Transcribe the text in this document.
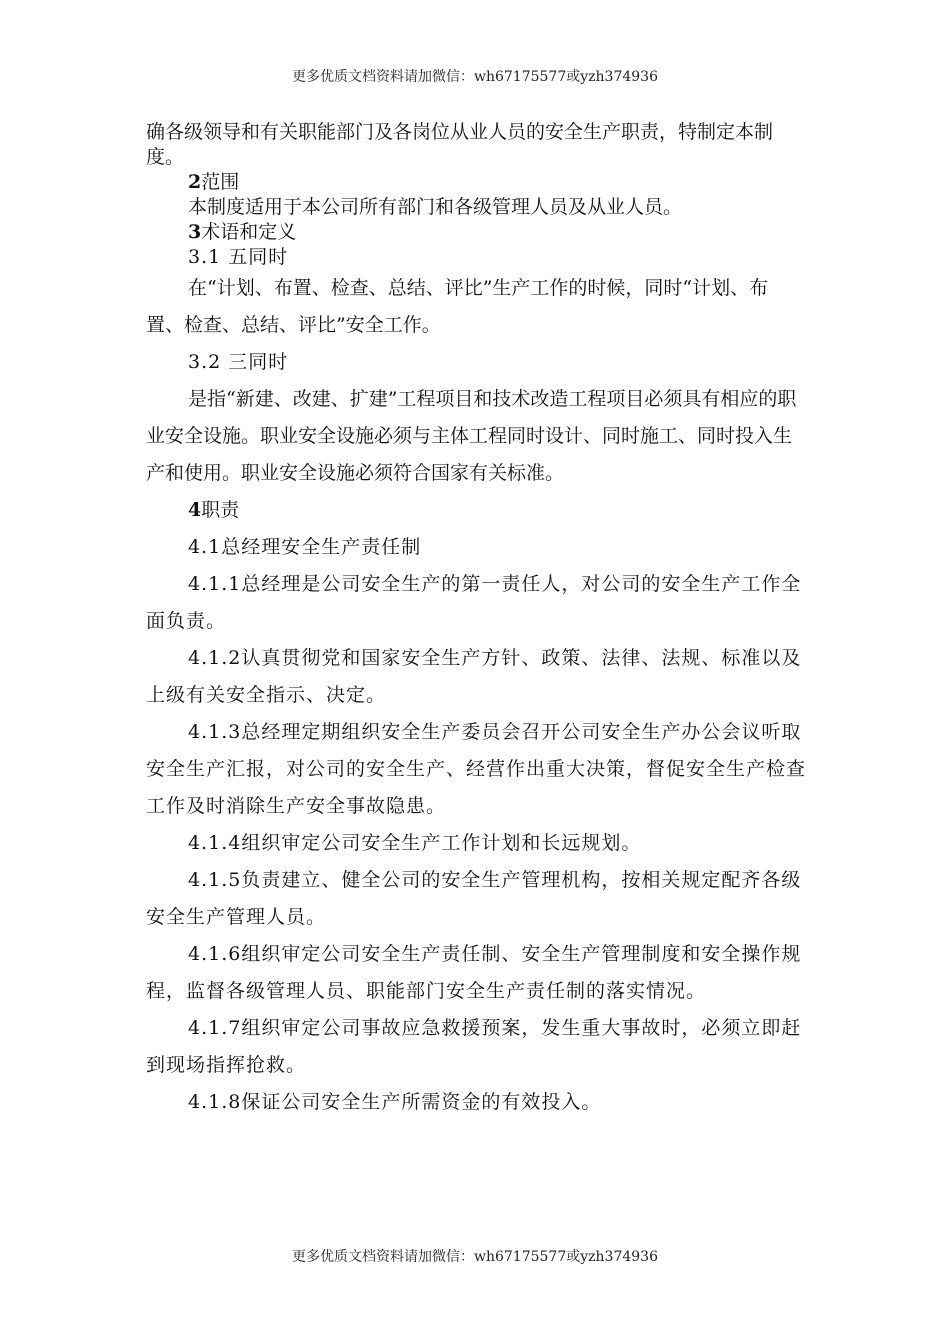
更多优质文档资料请加微信：wh67175577或yzh374936

确各级领导和有关职能部门及各岗位从业人员的安全生产职责，特制定本制度。

2范围

本制度适用于本公司所有部门和各级管理人员及从业人员。

3术语和定义

3.1 五同时

在“计划、布置、检查、总结、评比”生产工作的时候，同时“计划、布置、检查、总结、评比”安全工作。

3.2 三同时

是指“新建、改建、扩建”工程项目和技术改造工程项目必须具有相应的职业安全设施。职业安全设施必须与主体工程同时设计、同时施工、同时投入生产和使用。职业安全设施必须符合国家有关标准。

4职责

4.1总经理安全生产责任制

4.1.1总经理是公司安全生产的第一责任人，对公司的安全生产工作全面负责。

4.1.2认真贯彻党和国家安全生产方针、政策、法律、法规、标准以及上级有关安全指示、决定。

4.1.3总经理定期组织安全生产委员会召开公司安全生产办公会议听取安全生产汇报，对公司的安全生产、经营作出重大决策，督促安全生产检查工作及时消除生产安全事故隐患。

4.1.4组织审定公司安全生产工作计划和长远规划。

4.1.5负责建立、健全公司的安全生产管理机构，按相关规定配齐各级安全生产管理人员。

4.1.6组织审定公司安全生产责任制、安全生产管理制度和安全操作规程，监督各级管理人员、职能部门安全生产责任制的落实情况。

4.1.7组织审定公司事故应急救援预案，发生重大事故时，必须立即赶到现场指挥抢救。

4.1.8保证公司安全生产所需资金的有效投入。

更多优质文档资料请加微信：wh67175577或yzh374936
